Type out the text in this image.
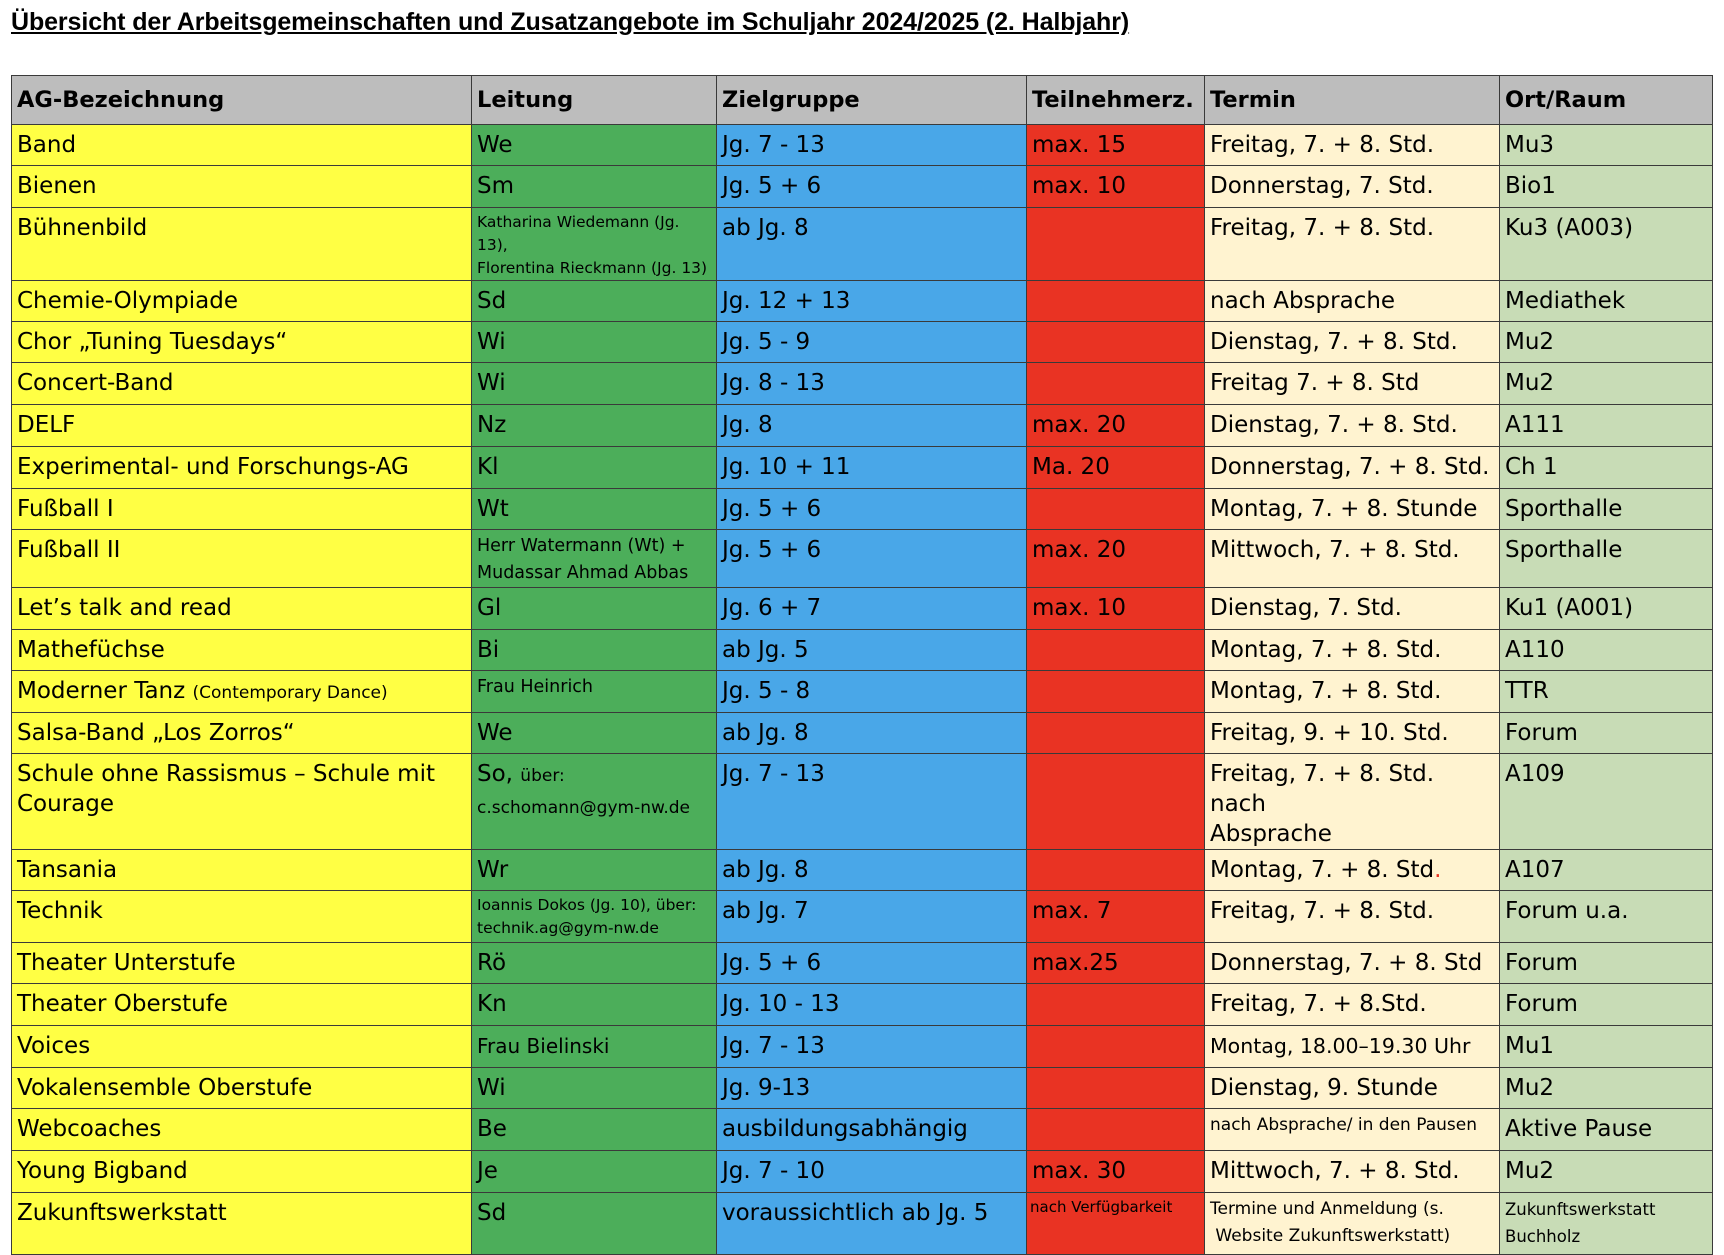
Übersicht der Arbeitsgemeinschaften und Zusatzangebote im Schuljahr 2024/2025 (2. Halbjahr)
AG-Bezeichnung	Leitung	Zielgruppe	Teilnehmerz.	Termin	Ort/Raum

Band	We	Jg. 7 - 13	max. 15	Freitag, 7. + 8. Std.	Mu3

Bienen	Sm	Jg. 5 + 6	max. 10	Donnerstag, 7. Std.	Bio1

Bühnenbild	Katharina Wiedemann (Jg. 13),
Florentina Rieckmann (Jg. 13)	ab Jg. 8		Freitag, 7. + 8. Std.	Ku3 (A003)

Chemie-Olympiade	Sd	Jg. 12 + 13		nach Absprache	Mediathek

Chor „Tuning Tuesdays“	Wi	Jg. 5 - 9		Dienstag, 7. + 8. Std.	Mu2

Concert-Band	Wi	Jg. 8 - 13		Freitag 7. + 8. Std	Mu2

DELF	Nz	Jg. 8	max. 20	Dienstag, 7. + 8. Std.	A111

Experimental- und Forschungs-AG	Kl	Jg. 10 + 11	Ma. 20	Donnerstag, 7. + 8. Std.	Ch 1

Fußball I	Wt	Jg. 5 + 6		Montag, 7. + 8. Stunde	Sporthalle

Fußball II	Herr Watermann (Wt) +
Mudassar Ahmad Abbas	Jg. 5 + 6	max. 20	Mittwoch, 7. + 8. Std.	Sporthalle

Let’s talk and read	Gl	Jg. 6 + 7	max. 10	Dienstag, 7. Std.	Ku1 (A001)

Mathefüchse	Bi	ab Jg. 5		Montag, 7. + 8. Std.	A110

Moderner Tanz (Contemporary Dance)	Frau Heinrich	Jg. 5 - 8		Montag, 7. + 8. Std.	TTR

Salsa-Band „Los Zorros“	We	ab Jg. 8		Freitag, 9. + 10. Std.	Forum

Schule ohne Rassismus – Schule mit
Courage	So, über:
c.schomann@gym-nw.de	Jg. 7 - 13		Freitag, 7. + 8. Std. nach
Absprache	A109

Tansania	Wr	ab Jg. 8		Montag, 7. + 8. Std.	A107

Technik	Ioannis Dokos (Jg. 10), über:
technik.ag@gym-nw.de	ab Jg. 7	max. 7	Freitag, 7. + 8. Std.	Forum u.a.

Theater Unterstufe	Rö	Jg. 5 + 6	max.25	Donnerstag, 7. + 8. Std	Forum

Theater Oberstufe	Kn	Jg. 10 - 13		Freitag, 7. + 8.Std.	Forum

Voices	Frau Bielinski	Jg. 7 - 13		Montag, 18.00–19.30 Uhr	Mu1

Vokalensemble Oberstufe	Wi	Jg. 9-13		Dienstag, 9. Stunde	Mu2

Webcoaches	Be	ausbildungsabhängig		nach Absprache/ in den Pausen	Aktive Pause

Young Bigband	Je	Jg. 7 - 10	max. 30	Mittwoch, 7. + 8. Std.	Mu2

Zukunftswerkstatt	Sd	voraussichtlich ab Jg. 5	nach Verfügbarkeit	Termine und Anmeldung (s.
Website Zukunftswerkstatt)	Zukunftswerkstatt
Buchholz
